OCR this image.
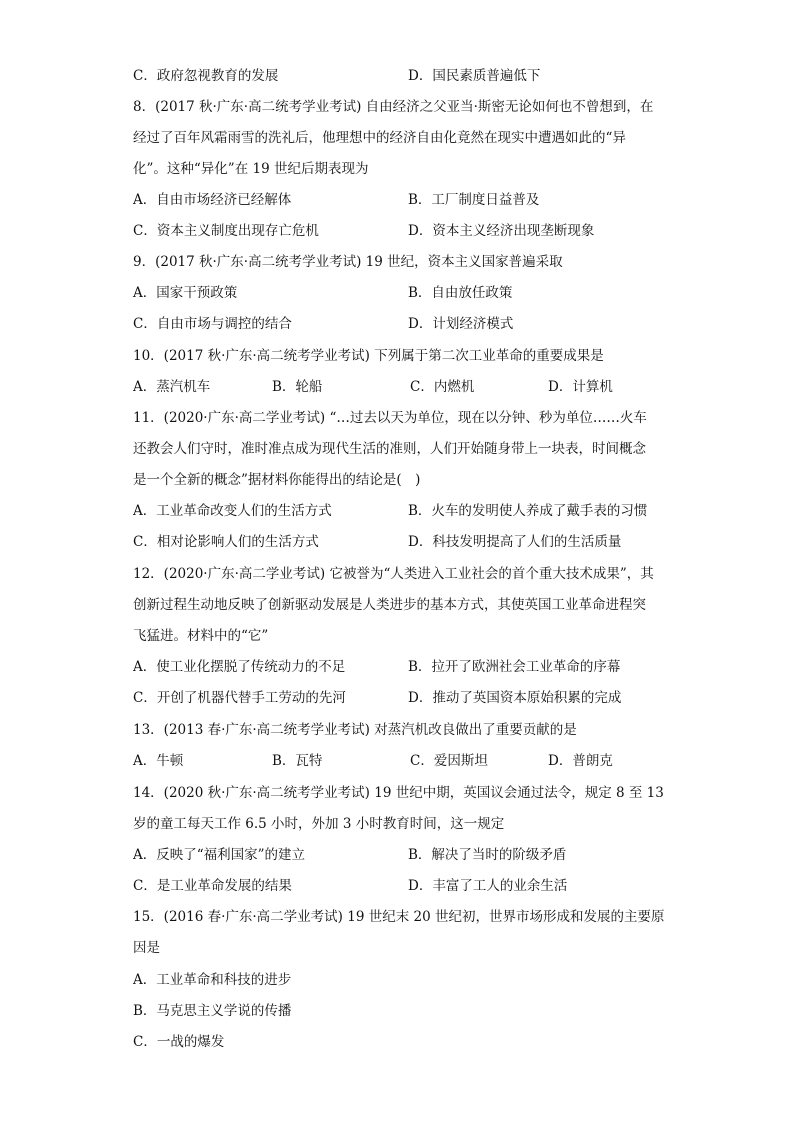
C．政府忽视教育的发展	D．国民素质普遍低下
8．(2017 秋·广东·高二统考学业考试) 自由经济之父亚当·斯密无论如何也不曾想到，在
经过了百年风霜雨雪的洗礼后，他理想中的经济自由化竟然在现实中遭遇如此的“异
化”。这种“异化”在 19 世纪后期表现为
A．自由市场经济已经解体	B．工厂制度日益普及
C．资本主义制度出现存亡危机	D．资本主义经济出现垄断现象
9．(2017 秋·广东·高二统考学业考试) 19 世纪，资本主义国家普遍采取
A．国家干预政策	B．自由放任政策
C．自由市场与调控的结合	D．计划经济模式
10．(2017 秋·广东·高二统考学业考试) 下列属于第二次工业革命的重要成果是
A．蒸汽机车	B．轮船	C．内燃机	D．计算机
11．(2020·广东·高二学业考试) “…过去以天为单位，现在以分钟、秒为单位……火车
还教会人们守时，准时准点成为现代生活的准则，人们开始随身带上一块表，时间概念
是一个全新的概念”据材料你能得出的结论是(　)
A．工业革命改变人们的生活方式	B．火车的发明使人养成了戴手表的习惯
C．相对论影响人们的生活方式	D．科技发明提高了人们的生活质量
12．(2020·广东·高二学业考试) 它被誉为“人类进入工业社会的首个重大技术成果”，其
创新过程生动地反映了创新驱动发展是人类进步的基本方式，其使英国工业革命进程突
飞猛进。材料中的“它”
A．使工业化摆脱了传统动力的不足	B．拉开了欧洲社会工业革命的序幕
C．开创了机器代替手工劳动的先河	D．推动了英国资本原始积累的完成
13．(2013 春·广东·高二统考学业考试) 对蒸汽机改良做出了重要贡献的是
A．牛顿	B．瓦特	C．爱因斯坦	D．普朗克
14．(2020 秋·广东·高二统考学业考试) 19 世纪中期，英国议会通过法令，规定 8 至 13
岁的童工每天工作 6.5 小时，外加 3 小时教育时间，这一规定
A．反映了“福利国家”的建立	B．解决了当时的阶级矛盾
C．是工业革命发展的结果	D．丰富了工人的业余生活
15．(2016 春·广东·高二学业考试) 19 世纪末 20 世纪初，世界市场形成和发展的主要原
因是
A．工业革命和科技的进步
B．马克思主义学说的传播
C．一战的爆发
